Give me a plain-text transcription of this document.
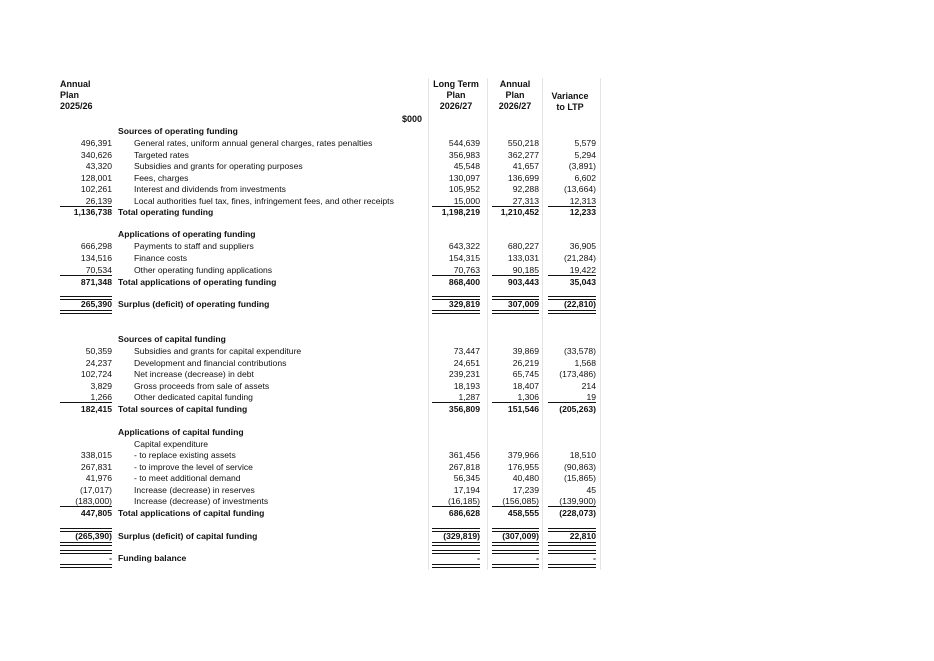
Annual
Plan
2025/26
Long Term
Plan
2026/27
Annual
Plan
2026/27
Variance
to LTP
$000
Sources of operating funding
General rates, uniform annual general charges, rates penalties
496,391	544,639	550,218	5,579
Targeted rates
340,626	356,983	362,277	5,294
Subsidies and grants for operating purposes
43,320	45,548	41,657	(3,891)
Fees, charges
128,001	130,097	136,699	6,602
Interest and dividends from investments
102,261	105,952	92,288	(13,664)
Local authorities fuel tax, fines, infringement fees, and other receipts
26,139	15,000	27,313	12,313
Total operating funding
1,136,738	1,198,219	1,210,452	12,233
Applications of operating funding
Payments to staff and suppliers
666,298	643,322	680,227	36,905
Finance costs
134,516	154,315	133,031	(21,284)
Other operating funding applications
70,534	70,763	90,185	19,422
Total applications of operating funding
871,348	868,400	903,443	35,043
Surplus (deficit) of operating funding
265,390	329,819	307,009	(22,810)
Sources of capital funding
Subsidies and grants for capital expenditure
50,359	73,447	39,869	(33,578)
Development and financial contributions
24,237	24,651	26,219	1,568
Net increase (decrease) in debt
102,724	239,231	65,745	(173,486)
Gross proceeds from sale of assets
3,829	18,193	18,407	214
Other dedicated capital funding
1,266	1,287	1,306	19
Total sources of capital funding
182,415	356,809	151,546	(205,263)
Applications of capital funding
Capital expenditure
- to replace existing assets
338,015	361,456	379,966	18,510
- to improve the level of service
267,831	267,818	176,955	(90,863)
- to meet additional demand
41,976	56,345	40,480	(15,865)
Increase (decrease) in reserves
(17,017)	17,194	17,239	45
Increase (decrease) of investments
(183,000)	(16,185)	(156,085)	(139,900)
Total applications of capital funding
447,805	686,628	458,555	(228,073)
Surplus (deficit) of capital funding
(265,390)	(329,819)	(307,009)	22,810
Funding balance
-	-	-	-
